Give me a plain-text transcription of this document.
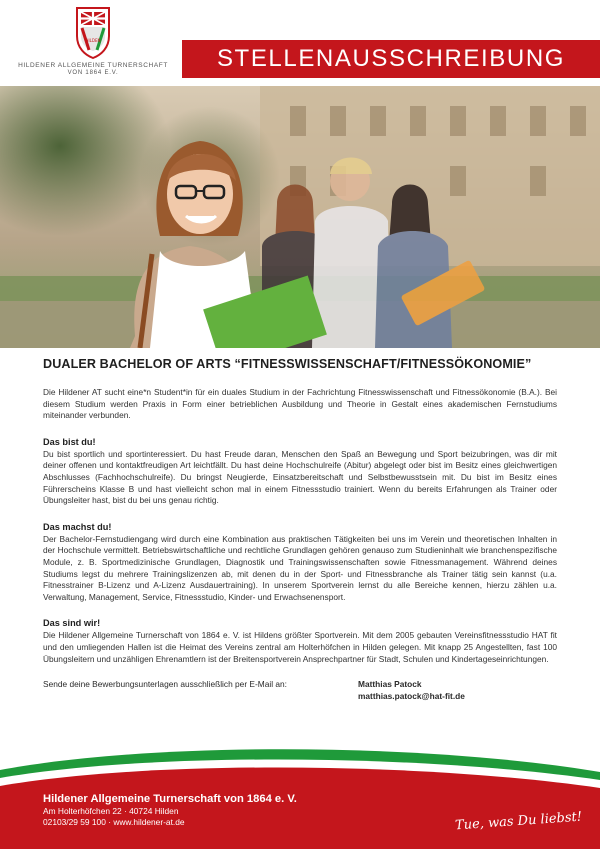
HILDEN
HILDENER ALLGEMEINE TURNERSCHAFT
VON 1864 E.V.
STELLENAUSSCHREIBUNG
DUALER BACHELOR OF ARTS “FITNESSWISSENSCHAFT/FITNESSÖKONOMIE”

Die Hildener AT sucht eine*n Student*in für ein duales Studium in der Fachrichtung Fitnesswissenschaft und Fitnessökonomie (B.A.). Bei diesem Studium werden Praxis in Form einer betrieblichen Ausbildung und Theorie in Gestalt eines akademischen Fernstudiums miteinander verbunden.

Das bist du!

Du bist sportlich und sportinteressiert. Du hast Freude daran, Menschen den Spaß an Bewegung und Sport beizubringen, was dir mit deiner offenen und kontaktfreudigen Art leichtfällt. Du hast deine Hochschulreife (Abitur) abgelegt oder bist im Besitz eines gleichwertigen Abschlusses (Fachhochschulreife). Du bringst Neugierde, Einsatzbereitschaft und Selbstbewusstsein mit. Du bist im Besitz eines Führerscheins Klasse B und hast vielleicht schon mal in einem Fitnessstudio trainiert. Wenn du bereits Erfahrungen als Trainer oder Übungsleiter hast, bist du bei uns genau richtig.

Das machst du!

Der Bachelor-Fernstudiengang wird durch eine Kombination aus praktischen Tätigkeiten bei uns im Verein und theoretischen Inhalten in der Hochschule vermittelt. Betriebswirtschaftliche und rechtliche Grundlagen gehören genauso zum Studieninhalt wie branchenspezifische Module, z. B. Sportmedizinische Grundlagen, Diagnostik und Trainingswissenschaften sowie Fitnessmanagement. Während deines Studiums legst du mehrere Trainingslizenzen ab, mit denen du in der Sport- und Fitnessbranche als Trainer tätig sein kannst (u.a. Fitnesstrainer B-Lizenz und A-Lizenz Ausdauertraining). In unserem Sportverein lernst du alle Bereiche kennen, hierzu zählen u.a. Verwaltung, Management, Service, Fitnessstudio, Kinder- und Erwachsenensport.

Das sind wir!

Die Hildener Allgemeine Turnerschaft von 1864 e. V. ist Hildens größter Sportverein. Mit dem 2005 gebauten Vereinsfitnessstudio HAT fit und den umliegenden Hallen ist die Heimat des Vereins zentral am Holterhöfchen in Hilden gelegen. Mit knapp 25 Angestellten, fast 100 Übungsleitern und unzähligen Ehrenamtlern ist der Breitensportverein Ansprechpartner für Stadt, Schulen und Kindertageseinrichtungen.

Sende deine Bewerbungsunterlagen ausschließlich per E-Mail an:	Matthias Patock
matthias.patock@hat-fit.de
Hildener Allgemeine Turnerschaft von 1864 e. V.
Am Holterhöfchen 22 · 40724 Hilden
02103/29 59 100 · www.hildener-at.de	Tue, was Du liebst!
